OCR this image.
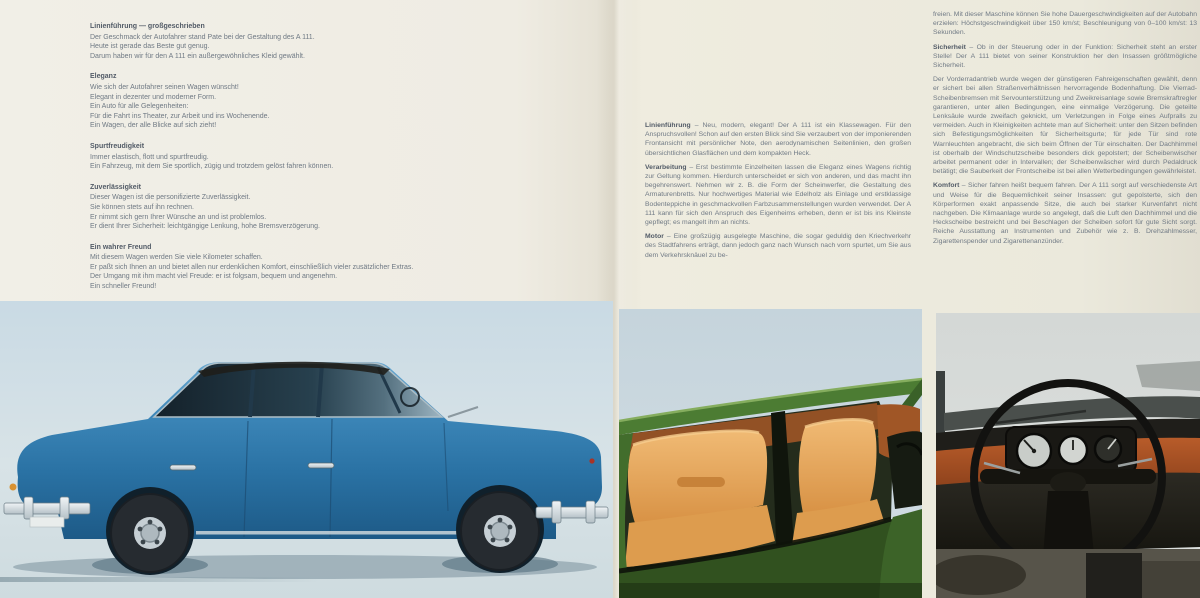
Linienführung — großgeschrieben
Der Geschmack der Autofahrer stand Pate bei der Gestaltung des A 111.
Heute ist gerade das Beste gut genug.
Darum haben wir für den A 111 ein außergewöhnliches Kleid gewählt.
Eleganz
Wie sich der Autofahrer seinen Wagen wünscht!
Elegant in dezenter und moderner Form.
Ein Auto für alle Gelegenheiten:
Für die Fahrt ins Theater, zur Arbeit und ins Wochenende.
Ein Wagen, der alle Blicke auf sich zieht!
Spurtfreudigkeit
Immer elastisch, flott und spurtfreudig.
Ein Fahrzeug, mit dem Sie sportlich, zügig und trotzdem gelöst fahren können.
Zuverlässigkeit
Dieser Wagen ist die personifizierte Zuverlässigkeit.
Sie können stets auf ihn rechnen.
Er nimmt sich gern Ihrer Wünsche an und ist problemlos.
Er dient Ihrer Sicherheit: leichtgängige Lenkung, hohe Bremsverzögerung.
Ein wahrer Freund
Mit diesem Wagen werden Sie viele Kilometer schaffen.
Er paßt sich Ihnen an und bietet allen nur erdenklichen Komfort, einschließlich vieler zusätzlicher Extras.
Der Umgang mit ihm macht viel Freude: er ist folgsam, bequem und angenehm.
Ein schneller Freund!

Linienführung – Neu, modern, elegant! Der A 111 ist ein Klassewagen. Für den Anspruchsvollen! Schon auf den ersten Blick sind Sie verzaubert von der imponierenden Frontansicht mit persönlicher Note, den aerodynamischen Seitenlinien, den großen übersichtlichen Glasflächen und dem kompakten Heck.

Verarbeitung – Erst bestimmte Einzelheiten lassen die Eleganz eines Wagens richtig zur Geltung kommen. Hierdurch unterscheidet er sich von anderen, und das macht ihn begehrenswert. Nehmen wir z. B. die Form der Scheinwerfer, die Gestaltung des Armaturenbretts. Nur hochwertiges Material wie Edelholz als Einlage und erstklassige Bodenteppiche in geschmackvollen Farbzusammenstellungen wurden verwendet. Der A 111 kann für sich den Anspruch des Eigenheims erheben, denn er ist bis ins Kleinste gepflegt; es mangelt ihm an nichts.

Motor – Eine großzügig ausgelegte Maschine, die sogar geduldig den Kriechverkehr des Stadtfahrens erträgt, dann jedoch ganz nach Wunsch nach vorn spurtet, um Sie aus dem Verkehrsknäuel zu be-

freien. Mit dieser Maschine können Sie hohe Dauergeschwindigkeiten auf der Autobahn erzielen: Höchstgeschwindigkeit über 150 km/st; Beschleunigung von 0–100 km/st: 13 Sekunden.

Sicherheit – Ob in der Steuerung oder in der Funktion: Sicherheit steht an erster Stelle! Der A 111 bietet von seiner Konstruktion her den Insassen größtmögliche Sicherheit.

Der Vorderradantrieb wurde wegen der günstigeren Fahreigenschaften gewählt, denn er sichert bei allen Straßenverhältnissen hervorragende Bodenhaftung. Die Vierrad-Scheibenbremsen mit Servounterstützung und Zweikreisanlage sowie Bremskraftregler garantieren, unter allen Bedingungen, eine einmalige Verzögerung. Die geteilte Lenksäule wurde zweifach geknickt, um Verletzungen in Folge eines Aufpralls zu vermeiden. Auch in Kleinigkeiten achtete man auf Sicherheit: unter den Sitzen befinden sich Befestigungsmöglichkeiten für Sicherheitsgurte; für jede Tür sind rote Warnleuchten angebracht, die sich beim Öffnen der Tür einschalten. Der Dachhimmel ist oberhalb der Windschutzscheibe besonders dick gepolstert; der Scheibenwischer arbeitet permanent oder in Intervallen; der Scheibenwäscher wird durch Pedaldruck betätigt; die Sauberkeit der Frontscheibe ist bei allen Wetterbedingungen gewährleistet.

Komfort – Sicher fahren heißt bequem fahren. Der A 111 sorgt auf verschiedenste Art und Weise für die Bequemlichkeit seiner Insassen: gut gepolsterte, sich den Körperformen exakt anpassende Sitze, die auch bei starker Kurvenfahrt nicht nachgeben. Die Klimaanlage wurde so angelegt, daß die Luft den Dachhimmel und die Heckscheibe bestreicht und bei Beschlagen der Scheiben sofort für gute Sicht sorgt. Reiche Ausstattung an Instrumenten und Zubehör wie z. B. Drehzahlmesser, Zigarettenspender und Zigarettenanzünder.
